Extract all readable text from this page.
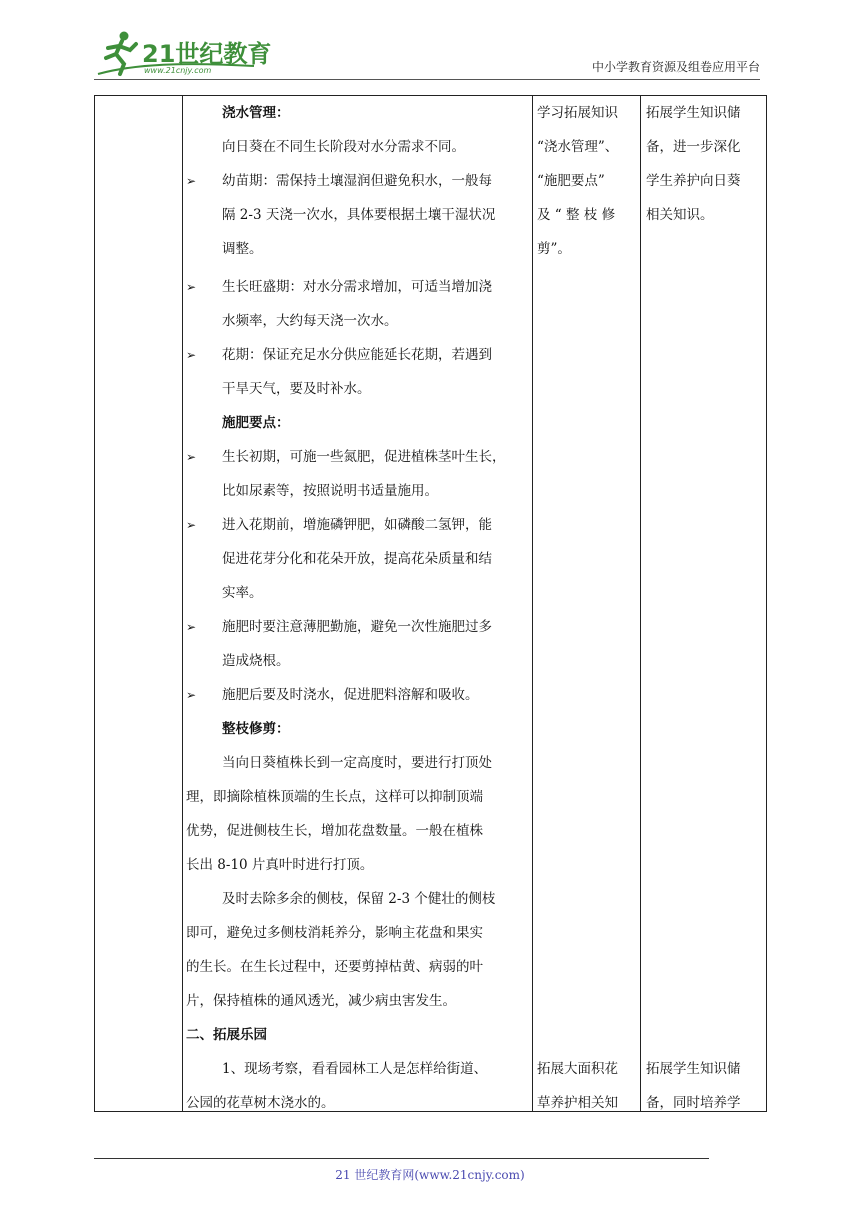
21世纪教育
www.21cnjy.com	中小学教育资源及组卷应用平台
浇水管理：
向日葵在不同生长阶段对水分需求不同。
➢ 幼苗期：需保持土壤湿润但避免积水，一般每
隔 2-3 天浇一次水，具体要根据土壤干湿状况
调整。
➢ 生长旺盛期：对水分需求增加，可适当增加浇
水频率，大约每天浇一次水。
➢ 花期：保证充足水分供应能延长花期，若遇到
干旱天气，要及时补水。
施肥要点：
➢ 生长初期，可施一些氮肥，促进植株茎叶生长，
比如尿素等，按照说明书适量施用。
➢ 进入花期前，增施磷钾肥，如磷酸二氢钾，能
促进花芽分化和花朵开放，提高花朵质量和结
实率。
➢ 施肥时要注意薄肥勤施，避免一次性施肥过多
造成烧根。
➢ 施肥后要及时浇水，促进肥料溶解和吸收。
整枝修剪：
当向日葵植株长到一定高度时，要进行打顶处
理，即摘除植株顶端的生长点，这样可以抑制顶端
优势，促进侧枝生长，增加花盘数量。一般在植株
长出 8-10 片真叶时进行打顶。
及时去除多余的侧枝，保留 2-3 个健壮的侧枝
即可，避免过多侧枝消耗养分，影响主花盘和果实
的生长。在生长过程中，还要剪掉枯黄、病弱的叶
片，保持植株的通风透光，减少病虫害发生。
二、拓展乐园
1、现场考察，看看园林工人是怎样给街道、
公园的花草树木浇水的。
学习拓展知识
“浇水管理”、
“施肥要点”
及 “ 整 枝 修
剪”。
拓展大面积花
草养护相关知
拓展学生知识储
备，进一步深化
学生养护向日葵
相关知识。
拓展学生知识储
备，同时培养学
21 世纪教育网(www.21cnjy.com)
